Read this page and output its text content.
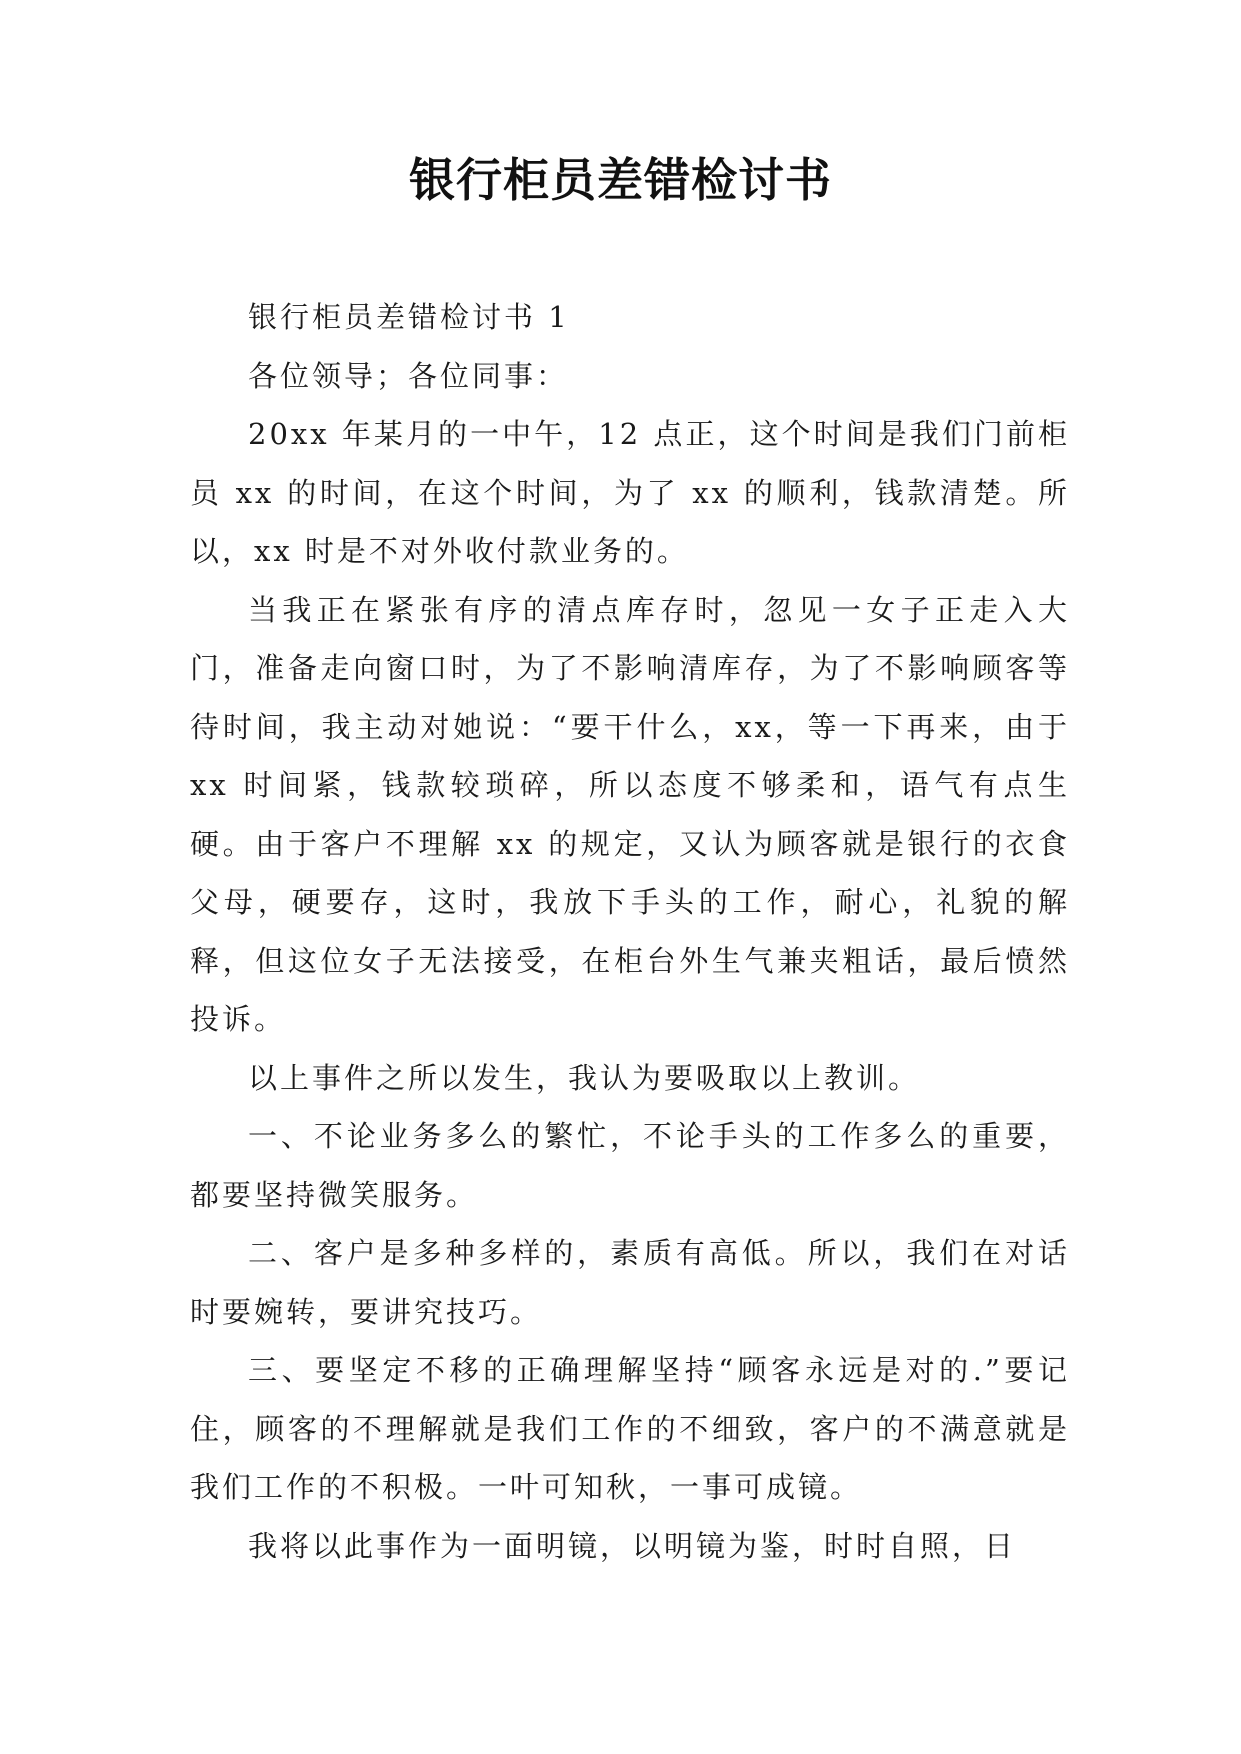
银行柜员差错检讨书

银行柜员差错检讨书 1

各位领导；各位同事：

20xx 年某月的一中午，12 点正，这个时间是我们门前柜员 xx 的时间，在这个时间，为了 xx 的顺利，钱款清楚。所以，xx 时是不对外收付款业务的。

当我正在紧张有序的清点库存时，忽见一女子正走入大门，准备走向窗口时，为了不影响清库存，为了不影响顾客等待时间，我主动对她说：“要干什么，xx，等一下再来，由于 xx 时间紧，钱款较琐碎，所以态度不够柔和，语气有点生硬。由于客户不理解 xx 的规定，又认为顾客就是银行的衣食父母，硬要存，这时，我放下手头的工作，耐心，礼貌的解释，但这位女子无法接受，在柜台外生气兼夹粗话，最后愤然投诉。

以上事件之所以发生，我认为要吸取以上教训。

一、不论业务多么的繁忙，不论手头的工作多么的重要，都要坚持微笑服务。

二、客户是多种多样的，素质有高低。所以，我们在对话时要婉转，要讲究技巧。

三、要坚定不移的正确理解坚持“顾客永远是对的.”要记住，顾客的不理解就是我们工作的不细致，客户的不满意就是我们工作的不积极。一叶可知秋，一事可成镜。

我将以此事作为一面明镜，以明镜为鉴，时时自照，日
